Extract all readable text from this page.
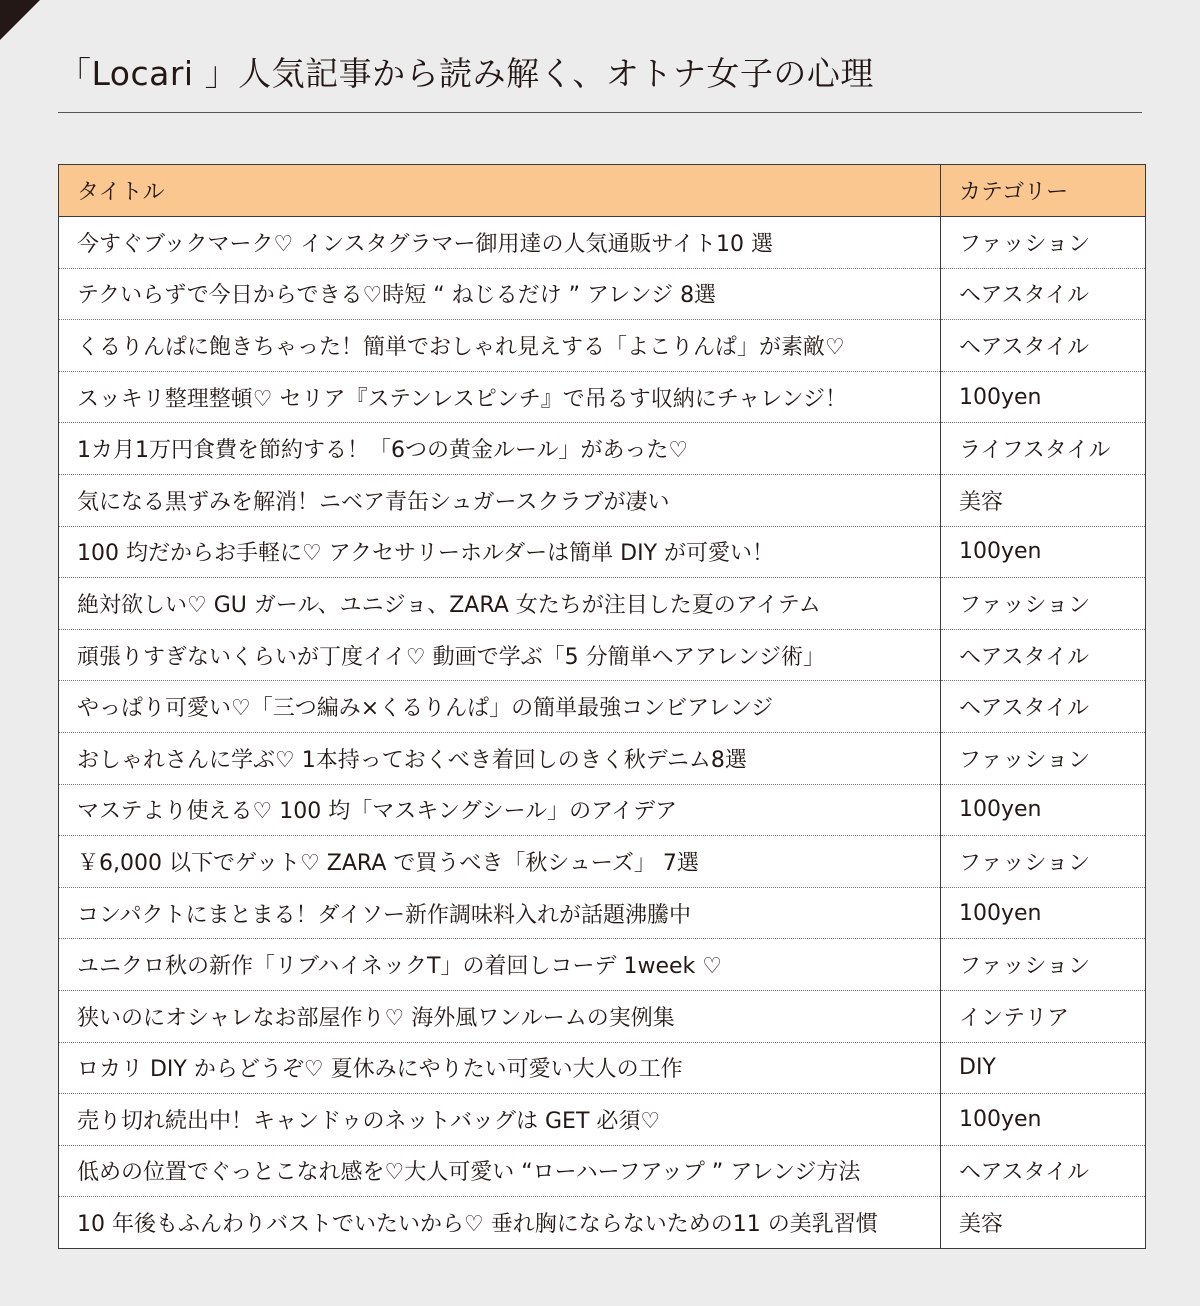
「Locari 」人気記事から読み解く、オトナ女子の心理
タイトル	カテゴリー
今すぐブックマーク♡ インスタグラマー御用達の人気通販サイト10 選	ファッション
テクいらずで今日からできる♡時短 “ ねじるだけ ” アレンジ 8選	ヘアスタイル
くるりんぱに飽きちゃった！簡単でおしゃれ見えする「よこりんぱ」が素敵♡	ヘアスタイル
スッキリ整理整頓♡ セリア『ステンレスピンチ』で吊るす収納にチャレンジ！	100yen
1カ月1万円食費を節約する！「6つの黄金ルール」があった♡	ライフスタイル
気になる黒ずみを解消！ニベア青缶シュガースクラブが凄い	美容
100 均だからお手軽に♡ アクセサリーホルダーは簡単 DIY が可愛い！	100yen
絶対欲しい♡ GU ガール、ユニジョ、ZARA 女たちが注目した夏のアイテム	ファッション
頑張りすぎないくらいが丁度イイ♡ 動画で学ぶ「5 分簡単ヘアアレンジ術」	ヘアスタイル
やっぱり可愛い♡「三つ編み×くるりんぱ」の簡単最強コンビアレンジ	ヘアスタイル
おしゃれさんに学ぶ♡ 1本持っておくべき着回しのきく秋デニム8選	ファッション
マステより使える♡ 100 均「マスキングシール」のアイデア	100yen
￥6,000 以下でゲット♡ ZARA で買うべき「秋シューズ」 7選	ファッション
コンパクトにまとまる！ダイソー新作調味料入れが話題沸騰中	100yen
ユニクロ秋の新作「リブハイネックT」の着回しコーデ 1week ♡	ファッション
狭いのにオシャレなお部屋作り♡ 海外風ワンルームの実例集	インテリア
ロカリ DIY からどうぞ♡ 夏休みにやりたい可愛い大人の工作	DIY
売り切れ続出中！キャンドゥのネットバッグは GET 必須♡	100yen
低めの位置でぐっとこなれ感を♡大人可愛い “ローハーフアップ ” アレンジ方法	ヘアスタイル
10 年後もふんわりバストでいたいから♡ 垂れ胸にならないための11 の美乳習慣	美容
